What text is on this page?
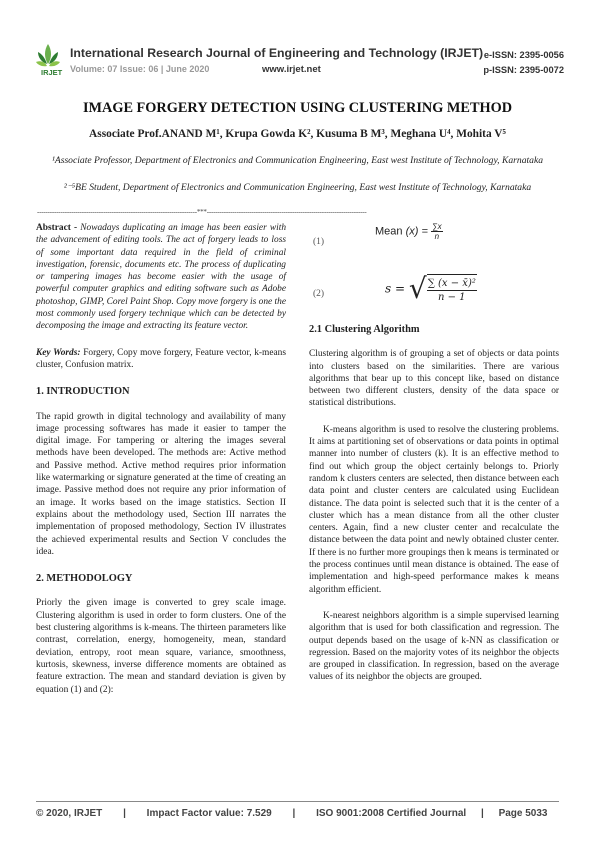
IRJET
International Research Journal of Engineering and Technology (IRJET)
Volume: 07 Issue: 06 | June 2020	www.irjet.net
e-ISSN: 2395-0056
p-ISSN: 2395-0072
IMAGE FORGERY DETECTION USING CLUSTERING METHOD
Associate Prof.ANAND M¹, Krupa Gowda K², Kusuma B M³, Meghana U⁴, Mohita V⁵
¹Associate Professor, Department of Electronics and Communication Engineering, East west Institute of Technology, Karnataka
²⁻⁵BE Student, Department of Electronics and Communication Engineering, East west Institute of Technology, Karnataka
---------------------------------------------------------------------------***---------------------------------------------------------------------------

Abstract - Nowadays duplicating an image has been easier with the advancement of editing tools. The act of forgery leads to loss of some important data required in the field of criminal investigation, forensic, documents etc. The process of duplicating or tampering images has become easier with the usage of powerful computer graphics and editing software such as Adobe photoshop, GIMP, Corel Paint Shop. Copy move forgery is one the most commonly used forgery technique which can be detected by decomposing the image and extracting its feature vector.

Key Words: Forgery, Copy move forgery, Feature vector, k-means cluster, Confusion matrix.

1. INTRODUCTION

The rapid growth in digital technology and availability of many image processing softwares has made it easier to tamper the digital image. For tampering or altering the images several methods have been developed. The methods are: Active method and Passive method. Active method requires prior information like watermarking or signature generated at the time of creating an image. Passive method does not require any prior information of an image. It works based on the image statistics. Section II explains about the methodology used, Section III narrates the implementation of proposed methodology, Section IV illustrates the achieved experimental results and Section V concludes the idea.

2. METHODOLOGY

Priorly the given image is converted to grey scale image. Clustering algorithm is used in order to form clusters. One of the best clustering algorithms is k-means. The thirteen parameters like contrast, correlation, energy, homogeneity, mean, standard deviation, entropy, root mean square, variance, smoothness, kurtosis, skewness, inverse difference moments are obtained as feature extraction. The mean and standard deviation is given by equation (1) and (2):

(1)
Mean $(x) = \frac{\sum x}{n}$
(2)	s = √ $\frac{\text{∑ (x − x̄)²}}{n - 1}$
2.1 Clustering Algorithm

Clustering algorithm is of grouping a set of objects or data points into clusters based on the similarities. There are various algorithms that bear up to this concept like, based on distance between two different clusters, density of the data space or statistical distributions.

K-means algorithm is used to resolve the clustering problems. It aims at partitioning set of observations or data points in optimal manner into number of clusters (k). It is an effective method to find out which group the object certainly belongs to. Priorly random k clusters centers are selected, then distance between each data point and cluster centers are calculated using Euclidean distance. The data point is selected such that it is the center of a cluster which has a mean distance from all the other cluster centers. Again, find a new cluster center and recalculate the distance between the data point and newly obtained cluster center. If there is no further more groupings then k means is terminated or the process continues until mean distance is obtained. The ease of implementation and high-speed performance makes k means algorithm efficient.

K-nearest neighbors algorithm is a simple supervised learning algorithm that is used for both classification and regression. The output depends based on the usage of k-NN as classification or regression. Based on the majority votes of its neighbor the objects are grouped in classification. In regression, based on the average values of its neighbor the objects are grouped.

© 2020, IRJET | Impact Factor value: 7.529 | ISO 9001:2008 Certified Journal | Page 5033
